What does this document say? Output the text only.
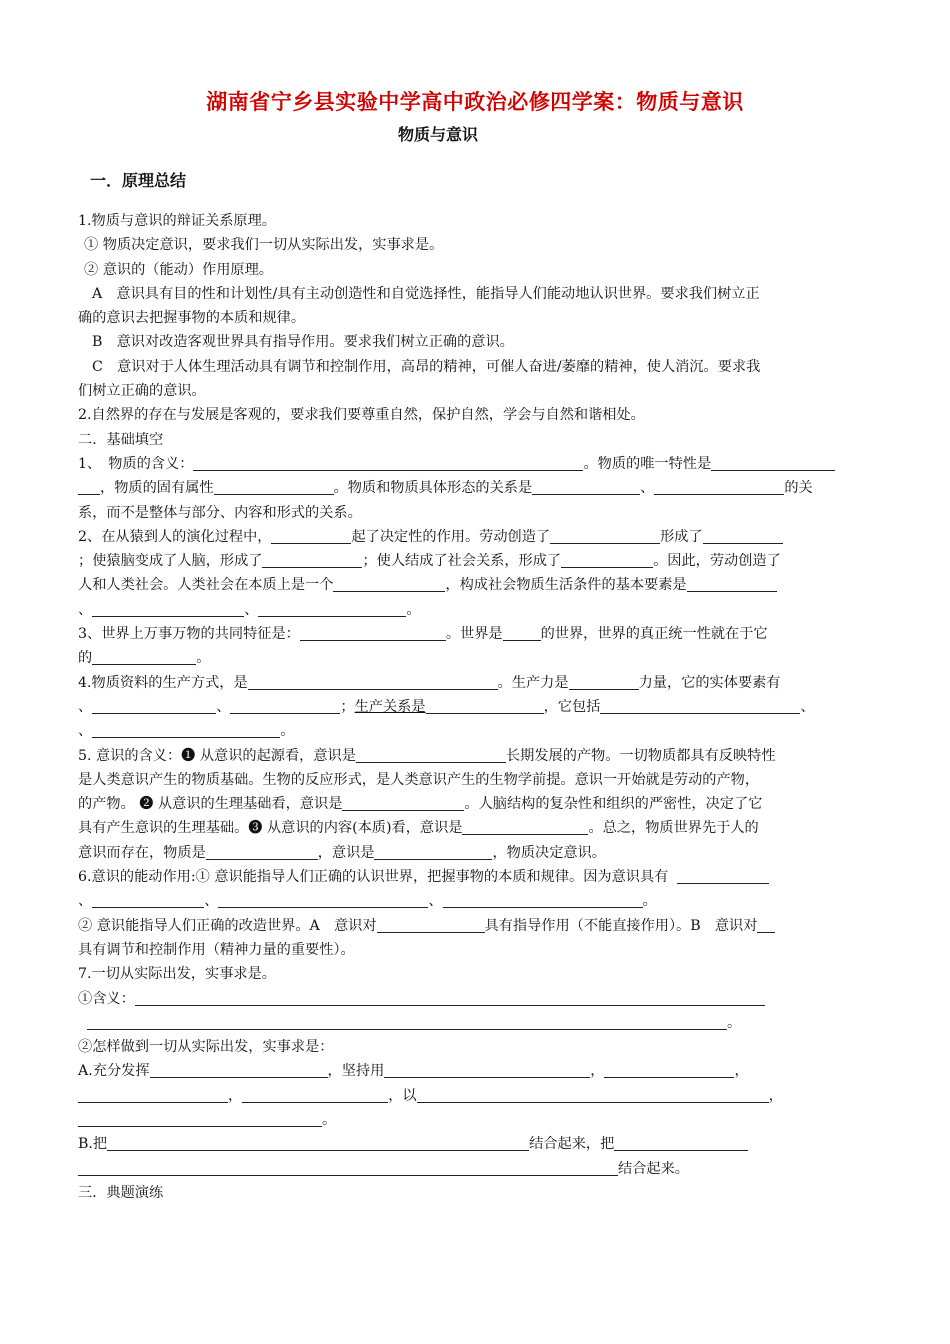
湖南省宁乡县实验中学高中政治必修四学案：物质与意识
物质与意识
一．原理总结

1.物质与意识的辩证关系原理。

① 物质决定意识，要求我们一切从实际出发，实事求是。

② 意识的（能动）作用原理。

A　意识具有目的性和计划性/具有主动创造性和自觉选择性，能指导人们能动地认识世界。要求我们树立正

确的意识去把握事物的本质和规律。

B　意识对改造客观世界具有指导作用。要求我们树立正确的意识。

C　意识对于人体生理活动具有调节和控制作用，高昂的精神，可催人奋进/萎靡的精神，使人消沉。要求我

们树立正确的意识。

2.自然界的存在与发展是客观的，要求我们要尊重自然，保护自然，学会与自然和谐相处。

二．基础填空

1、　物质的含义：	。物质的唯一特性是

，物质的固有属性	。物质和物质具体形态的关系是	、	的关

系，而不是整体与部分、内容和形式的关系。

2、在从猿到人的演化过程中，	起了决定性的作用。劳动创造了	形成了

；使猿脑变成了人脑，形成了	；使人结成了社会关系，形成了	。因此，劳动创造了

人和人类社会。人类社会在本质上是一个	，构成社会物质生活条件的基本要素是

、	、	。

3、世界上万事万物的共同特征是：	。世界是	的世界，世界的真正统一性就在于它

的	。

4.物质资料的生产方式，是	。生产力是	力量，它的实体要素有

、	、	；生产关系是	，它包括	、

、	。

5. 意识的含义：❶ 从意识的起源看，意识是	长期发展的产物。一切物质都具有反映特性

是人类意识产生的物质基础。生物的反应形式，是人类意识产生的生物学前提。意识一开始就是劳动的产物，

的产物。 ❷ 从意识的生理基础看，意识是	。人脑结构的复杂性和组织的严密性，决定了它

具有产生意识的生理基础。❸ 从意识的内容(本质)看，意识是	。总之，物质世界先于人的

意识而存在，物质是	，意识是	，物质决定意识。

6.意识的能动作用:① 意识能指导人们正确的认识世界，把握事物的本质和规律。因为意识具有

、	、	、	。

② 意识能指导人们正确的改造世界。A　意识对	具有指导作用（不能直接作用）。B　意识对

具有调节和控制作用（精神力量的重要性）。

7.一切从实际出发，实事求是。

①含义：

。

②怎样做到一切从实际出发，实事求是：

A.充分发挥	，坚持用	，	，

，	，以	，

。

B.把	结合起来，把

结合起来。

三．典题演练
